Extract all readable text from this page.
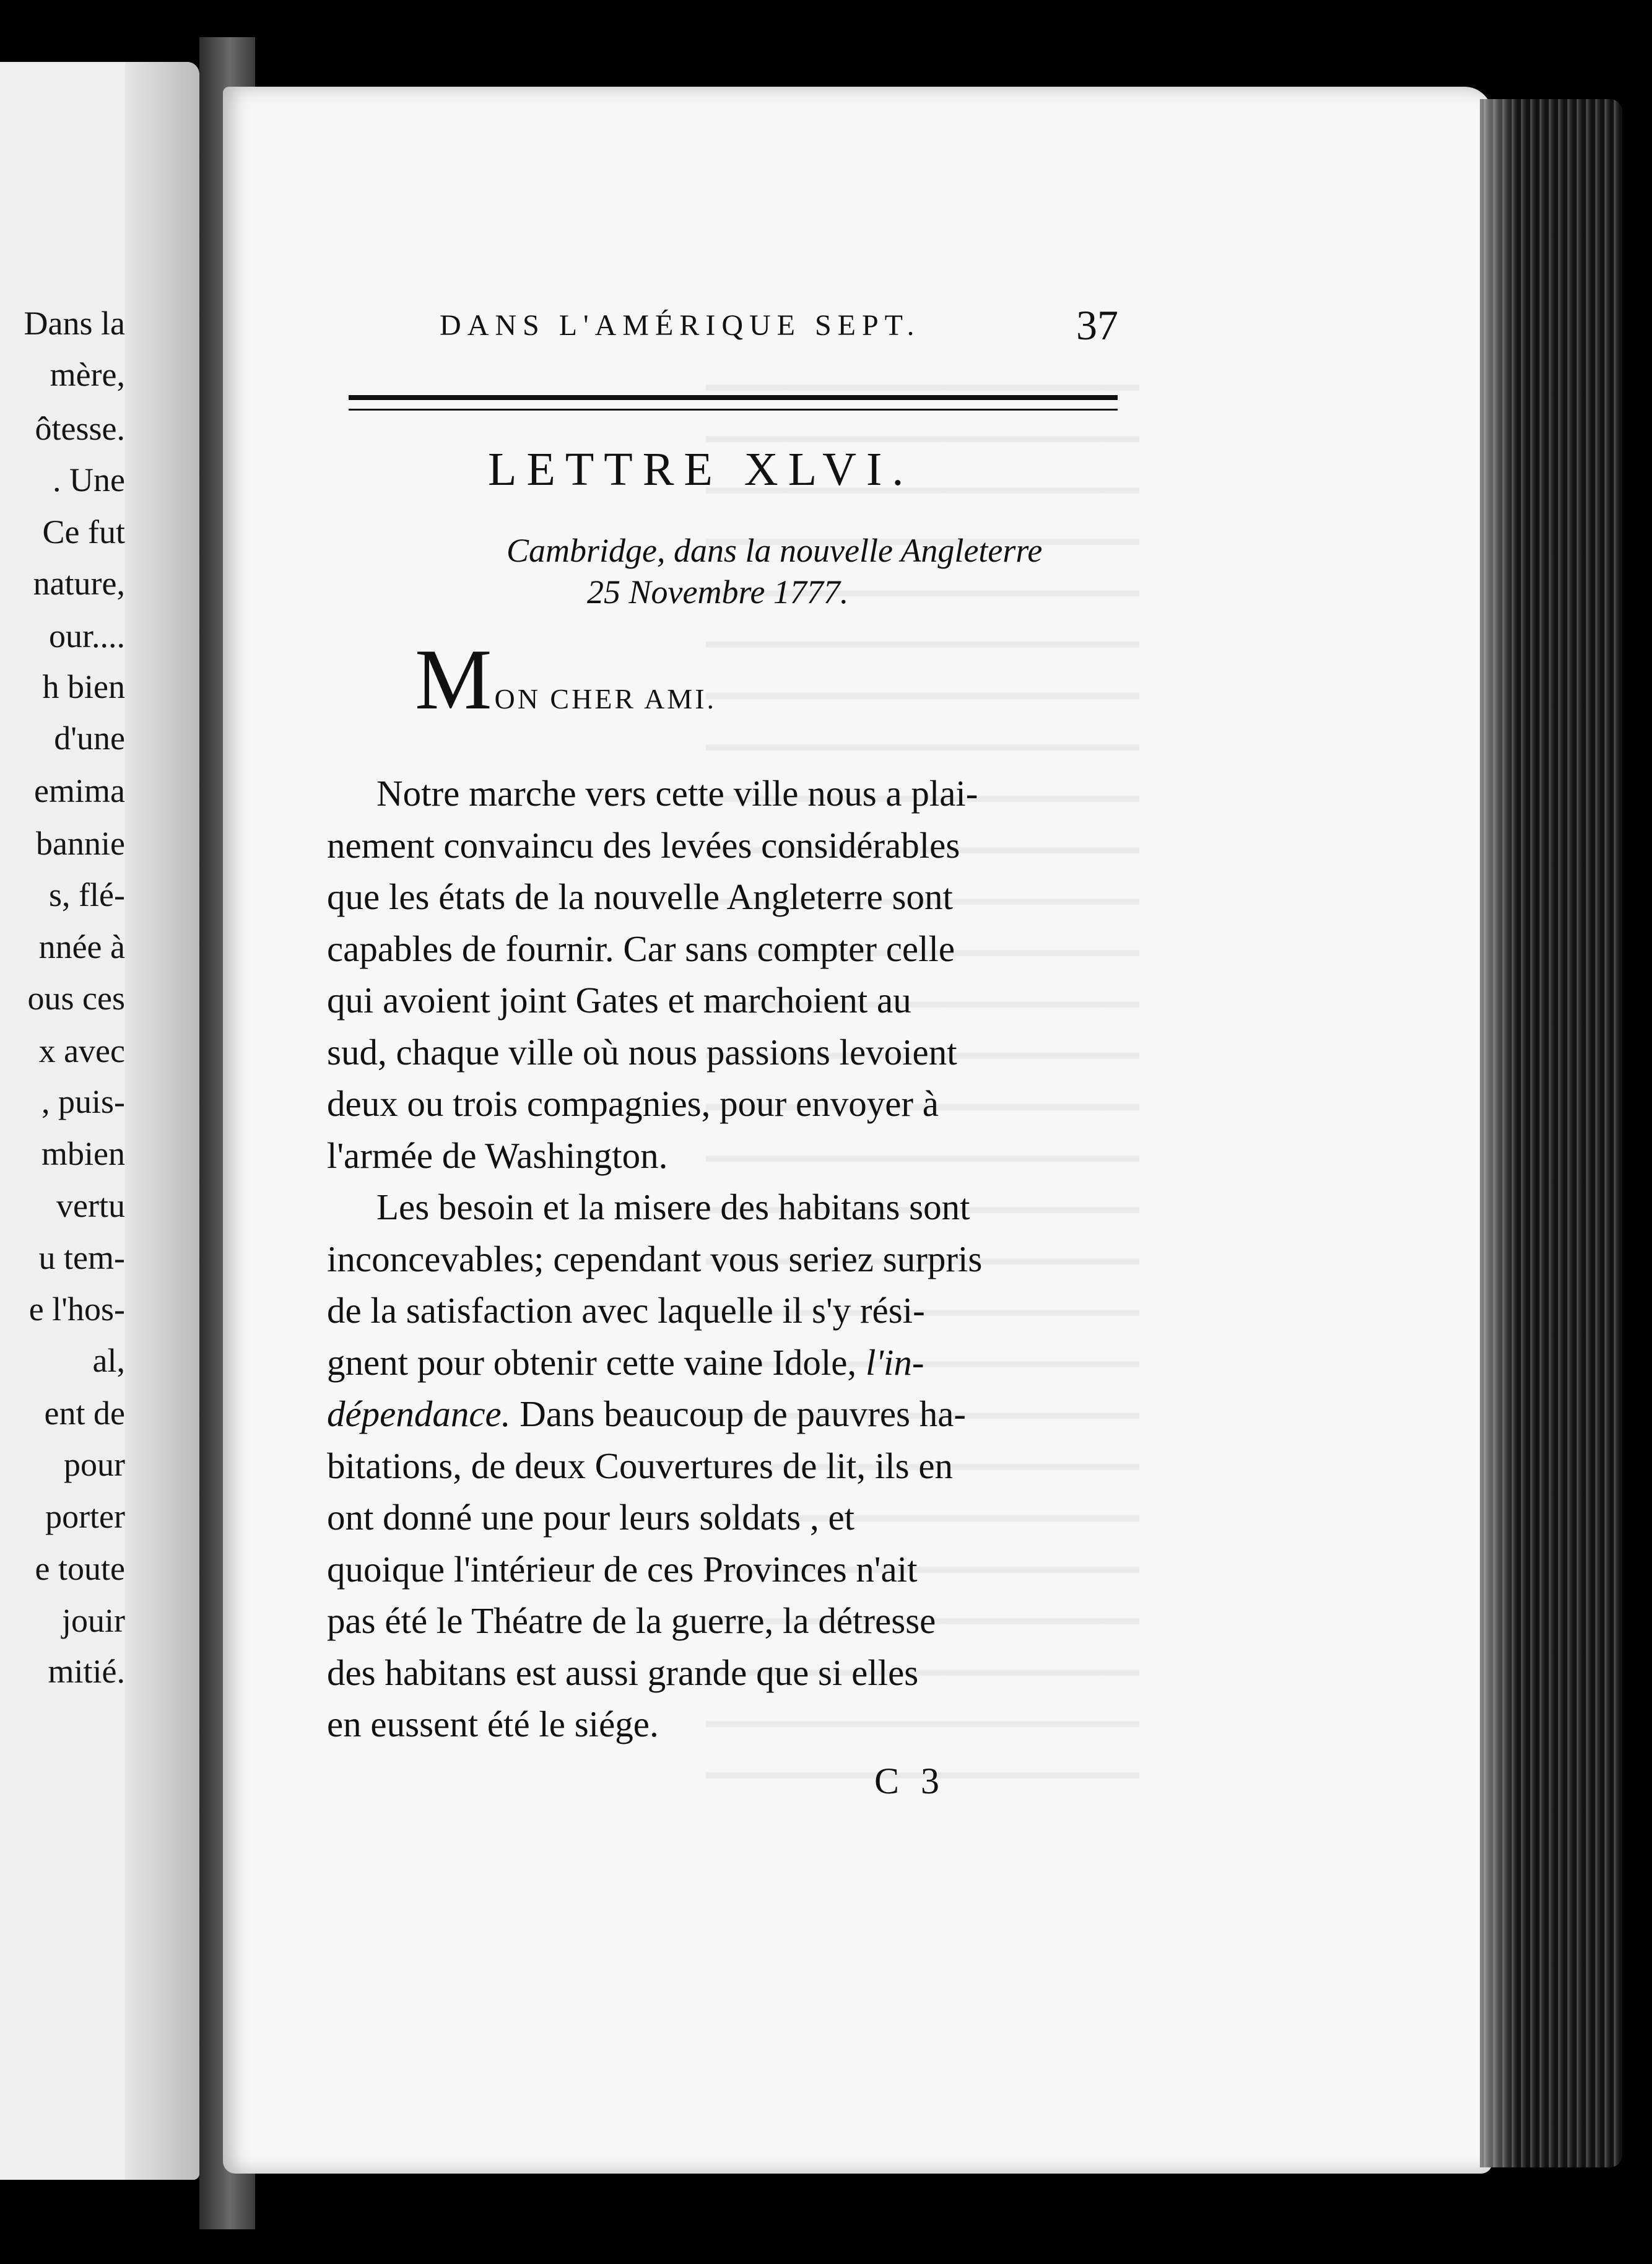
Dans la
mère,
ôtesse.
. Une
Ce fut
nature,
our....
h bien
d'une
emima
bannie
s, flé-
nnée à
ous ces
x avec
, puis-
mbien
vertu
u tem-
e l'hos-
al,
ent de
pour
porter
e toute
jouir
mitié.
DANS L'AMÉRIQUE SEPT.	37
LETTRE XLVI.
Cambridge, dans la nouvelle Angleterre
25 Novembre 1777.
MON CHER AMI.
Notre marche vers cette ville nous a plai-
nement convaincu des levées considérables
que les états de la nouvelle Angleterre sont
capables de fournir. Car sans compter celle
qui avoient joint Gates et marchoient au
sud, chaque ville où nous passions levoient
deux ou trois compagnies, pour envoyer à
l'armée de Washington.
Les besoin et la misere des habitans sont
inconcevables; cependant vous seriez surpris
de la satisfaction avec laquelle il s'y rési-
gnent pour obtenir cette vaine Idole, l'in-
dépendance. Dans beaucoup de pauvres ha-
bitations, de deux Couvertures de lit, ils en
ont donné une pour leurs soldats , et
quoique l'intérieur de ces Provinces n'ait
pas été le Théatre de la guerre, la détresse
des habitans est aussi grande que si elles
en eussent été le siége.
C 3
